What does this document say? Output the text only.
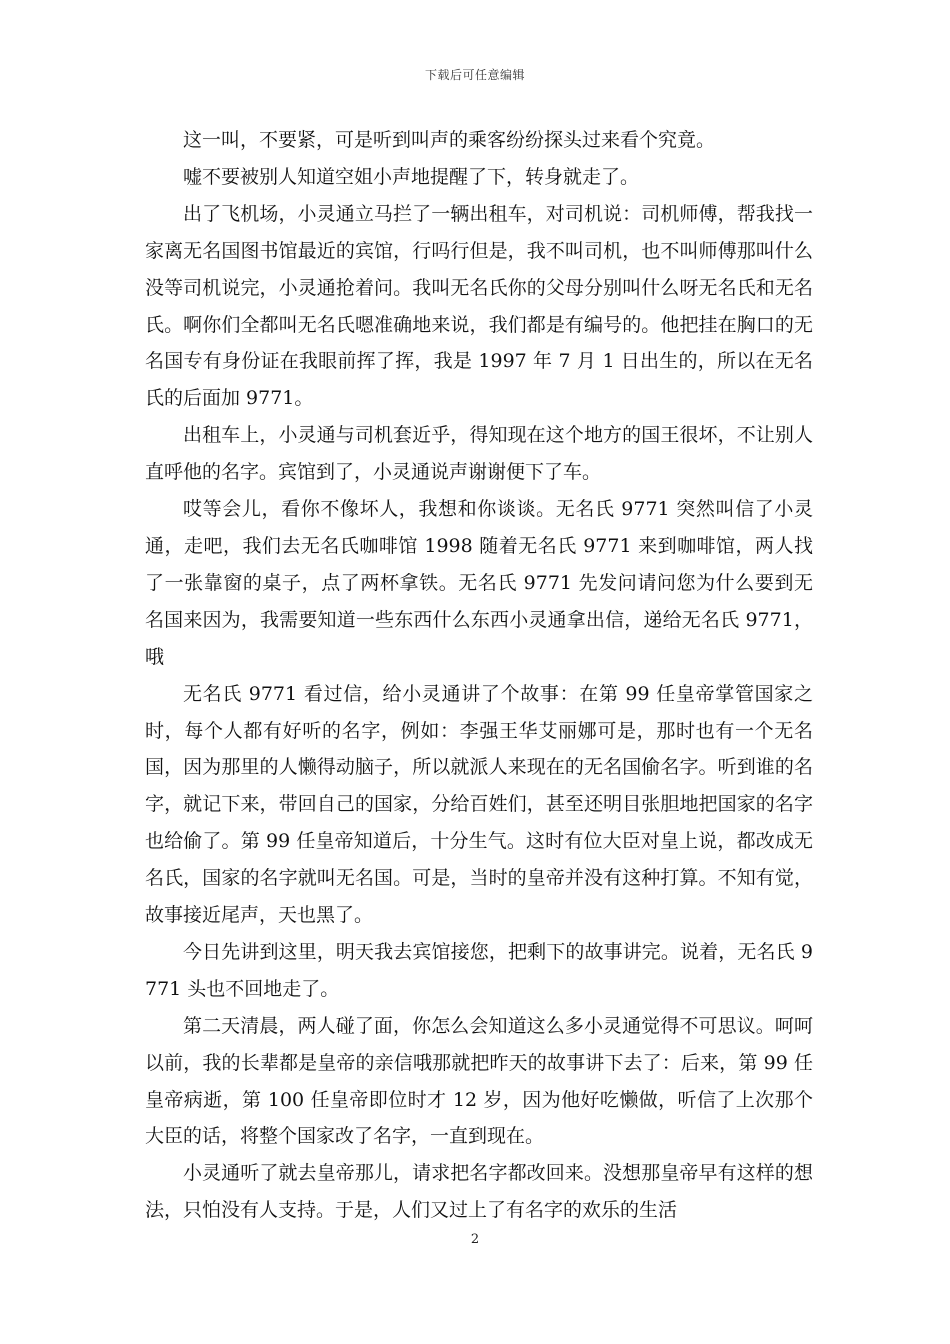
下载后可任意编辑

这一叫，不要紧，可是听到叫声的乘客纷纷探头过来看个究竟。

嘘不要被别人知道空姐小声地提醒了下，转身就走了。

出了飞机场，小灵通立马拦了一辆出租车，对司机说：司机师傅，帮我找一家离无名国图书馆最近的宾馆，行吗行但是，我不叫司机，也不叫师傅那叫什么没等司机说完，小灵通抢着问。我叫无名氏你的父母分别叫什么呀无名氏和无名氏。啊你们全都叫无名氏嗯准确地来说，我们都是有编号的。他把挂在胸口的无名国专有身份证在我眼前挥了挥，我是 1997 年 7 月 1 日出生的，所以在无名氏的后面加 9771。

出租车上，小灵通与司机套近乎，得知现在这个地方的国王很坏，不让别人直呼他的名字。宾馆到了，小灵通说声谢谢便下了车。

哎等会儿，看你不像坏人，我想和你谈谈。无名氏 9771 突然叫信了小灵通，走吧，我们去无名氏咖啡馆 1998 随着无名氏 9771 来到咖啡馆，两人找了一张靠窗的桌子，点了两杯拿铁。无名氏 9771 先发问请问您为什么要到无名国来因为，我需要知道一些东西什么东西小灵通拿出信，递给无名氏 9771，哦

无名氏 9771 看过信，给小灵通讲了个故事：在第 99 任皇帝掌管国家之时，每个人都有好听的名字，例如：李强王华艾丽娜可是，那时也有一个无名国，因为那里的人懒得动脑子，所以就派人来现在的无名国偷名字。听到谁的名字，就记下来，带回自己的国家，分给百姓们，甚至还明目张胆地把国家的名字也给偷了。第 99 任皇帝知道后，十分生气。这时有位大臣对皇上说，都改成无名氏，国家的名字就叫无名国。可是，当时的皇帝并没有这种打算。不知有觉，故事接近尾声，天也黑了。

今日先讲到这里，明天我去宾馆接您，把剩下的故事讲完。说着，无名氏 9771 头也不回地走了。

第二天清晨，两人碰了面，你怎么会知道这么多小灵通觉得不可思议。呵呵以前，我的长辈都是皇帝的亲信哦那就把昨天的故事讲下去了：后来，第 99 任皇帝病逝，第 100 任皇帝即位时才 12 岁，因为他好吃懒做，听信了上次那个大臣的话，将整个国家改了名字，一直到现在。

小灵通听了就去皇帝那儿，请求把名字都改回来。没想那皇帝早有这样的想法，只怕没有人支持。于是，人们又过上了有名字的欢乐的生活

2
